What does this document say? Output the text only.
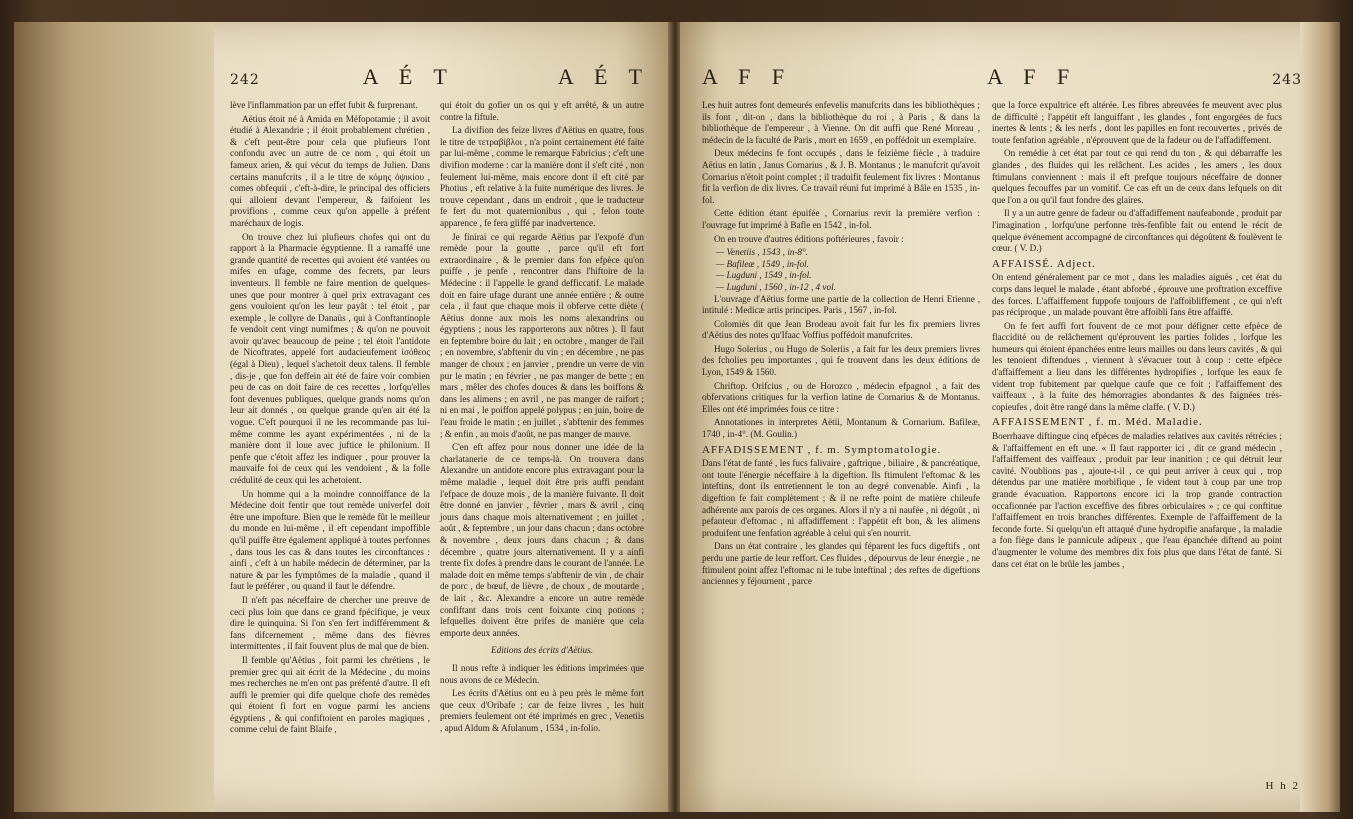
242	A É T	A É T

lève l'inflammation par un effet fubit & furprenant.

Aëtius étoit né à Amida en Méfopotamie ; il avoit étudié à Alexandrie ; il étoit probablement chrétien , & c'eft peut-être pour cela que plufieurs l'ont confondu avec un autre de ce nom , qui étoit un fameux arien, & qui vécut du temps de Julien. Dans certains manufcrits , il a le titre de κόμης ὀψικίου , comes obfequii , c'eft-à-dire, le principal des officiers qui alloient devant l'empereur, & faifoient les provifions , comme ceux qu'on appelle à préfent maréchaux de logis.

On trouve chez lui plufieurs chofes qui ont du rapport à la Pharmacie égyptienne. Il a ramaffé une grande quantité de recettes qui avoient été vantées ou mifes en ufage, comme des fecrets, par leurs inventeurs. Il femble ne faire mention de quelques-unes que pour montrer à quel prix extravagant ces gens vouloient qu'on les leur payât : tel étoit , par exemple , le collyre de Danaüs , qui à Conftantinople fe vendoit cent vingt numifmes ; & qu'on ne pouvoit avoir qu'avec beaucoup de peine ; tel étoit l'antidote de Nicoftrates, appelé fort audacieufement ἰσόθεος (égal à Dieu) , lequel s'achetoit deux talens. Il femble , dis-je , que fon deffein ait été de faire voir combien peu de cas on doit faire de ces recettes , lorfqu'elles font devenues publiques, quelque grands noms qu'on leur ait donnés , ou quelque grande qu'en ait été la vogue. C'eft pourquoi il ne les recommande pas lui-même comme les ayant expérimentées , ni de la manière dont il loue avec juftice le philonium. Il penfe que c'étoit affez les indiquer , pour prouver la mauvaife foi de ceux qui les vendoient , & la folle crédulité de ceux qui les achetoient.

Un homme qui a la moindre connoiffance de la Médecine doit fentir que tout remède univerfel doit être une impofture. Bien que le remède fût le meilleur du monde en lui-même , il eft cependant impoffible qu'il puiffe être également appliqué à toutes perfonnes , dans tous les cas & dans toutes les circonftances : ainfi , c'eft à un habile médecin de déterminer, par la nature & par les fymptômes de la maladie , quand il faut le préférer , ou quand il faut le défendre.

Il n'eft pas néceffaire de chercher une preuve de ceci plus loin que dans ce grand fpécifique, je veux dire le quinquina. Si l'on s'en fert indifféremment & fans difcernement , même dans des fièvres intermittentes , il fait fouvent plus de mal que de bien.

Il femble qu'Aëtius , foit parmi les chrétiens , le premier grec qui ait écrit de la Médecine , du moins mes recherches ne m'en ont pas préfenté d'autre. Il eft auffi le premier qui dife quelque chofe des remèdes qui étoient fi fort en vogue parmi les anciens égyptiens , & qui confiftoient en paroles magiques , comme celui de faint Blaife ,

qui étoit du gofier un os qui y eft arrêté, & un autre contre la fiftule.

La divifion des feize livres d'Aëtius en quatre, fous le titre de τετραβίβλοι , n'a point certainement été faite par lui-même , comme le remarque Fabricius ; c'eft une divifion moderne : car la manière dont il s'eft cité , non feulement lui-même, mais encore dont il eft cité par Photius , eft relative à la fuite numérique des livres. Je trouve cependant , dans un endroit , que le traducteur fe fert du mot quaternionibus , qui , felon toute apparence , fe fera gliffé par inadvertence.

Je finirai ce qui regarde Aëtius par l'expofé d'un remède pour la goutte , parce qu'il eft fort extraordinaire , & le premier dans fon efpèce qu'on puiffe , je penfe , rencontrer dans l'hiftoire de la Médecine : il l'appelle le grand defficcatif. Le malade doit en faire ufage durant une année entière ; & outre cela , il faut que chaque mois il obferve cette diète ( Aëtius donne aux mois les noms alexandrins ou égyptiens ; nous les rapporterons aux nôtres ). Il faut en feptembre boire du lait ; en octobre , manger de l'ail ; en novembre, s'abftenir du vin ; en décembre , ne pas manger de choux ; en janvier , prendre un verre de vin pur le matin ; en février , ne pas manger de bette ; en mars , mêler des chofes douces & dans les boiffons & dans les alimens ; en avril , ne pas manger de raifort ; ni en mai , le poiffon appelé polypus ; en juin, boire de l'eau froide le matin ; en juillet , s'abftenir des femmes ; & enfin , au mois d'août, ne pas manger de mauve.

C'en eft affez pour nous donner une idée de la charlatanerie de ce temps-là. On trouvera dans Alexandre un antidote encore plus extravagant pour la même maladie , lequel doit être pris auffi pendant l'efpace de douze mois , de la manière fuivante. Il doit être donné en janvier , février , mars & avril , cinq jours dans chaque mois alternativement ; en juillet , août , & feptembre , un jour dans chacun ; dans octobre & novembre , deux jours dans chacun ; & dans décembre , quatre jours alternativement. Il y a ainfi trente fix dofes à prendre dans le courant de l'année. Le malade doit en même temps s'abftenir de vin , de chair de porc , de bœuf, de lièvre , de choux , de moutarde , de lait , &c. Alexandre a encore un autre remède confiftant dans trois cent foixante cinq potions ; lefquelles doivent être prifes de manière que cela emporte deux années.

Editions des écrits d'Aëtius.

Il nous refte à indiquer les éditions imprimées que nous avons de ce Médecin.

Les écrits d'Aëtius ont eu à peu près le même fort que ceux d'Oribafe ; car de feize livres , les huit premiers feulement ont été imprimés en grec , Venetiis , apud Aldum & Afulanum , 1534 , in-folio.

A F F	A F F	243

Les huit autres font demeurés enfevelis manufcrits dans les bibliothèques ; ils font , dit-on , dans la bibliothèque du roi , à Paris , & dans la bibliothèque de l'empereur , à Vienne. On dit auffi que René Moreau , médecin de la faculté de Paris , mort en 1659 , en poffédoit un exemplaire.

Deux médecins fe font occupés , dans le feizième fiècle , à traduire Aëtius en latin , Janus Cornarius , & J. B. Montanus ; le manufcrit qu'avoit Cornarius n'étoit point complet ; il traduifit feulement fix livres : Montanus fit la verfion de dix livres. Ce travail réuni fut imprimé à Bâle en 1535 , in-fol.

Cette édition étant épuifée , Cornarius revit la première verfion : l'ouvrage fut imprimé à Bafle en 1542 , in-fol.

On en trouve d'autres éditions poftérieures , favoir :

— Venetiis , 1543 , in-8°.

— Bafileæ , 1549 , in-fol.

— Lugduni , 1549 , in-fol.

— Lugduni , 1560 , in-12 , 4 vol.

L'ouvrage d'Aëtius forme une partie de la collection de Henri Etienne , intitulé : Medicæ artis principes. Paris , 1567 , in-fol.

Colomiès dit que Jean Brodeau avoit fait fur les fix premiers livres d'Aëtius des notes qu'Ifaac Voffius poffédoit manufcrites.

Hugo Solerius , ou Hugo de Soleriis , a fait fur les deux premiers livres des fcholies peu importantes , qui fe trouvent dans les deux éditions de Lyon, 1549 & 1560.

Chriftop. Orifcius , ou de Horozco , médecin efpagnol , a fait des obfervations critiques fur la verfion latine de Cornarius & de Montanus. Elles ont été imprimées fous ce titre :

Annotationes in interpretes Aëtii, Montanum & Cornarium. Bafileæ, 1740 , in-4°. (M. Goulin.)

AFFADISSEMENT , f. m. Symptomatologie.

Dans l'état de fanté , les fucs falivaire , gaftrique , biliaire , & pancréatique, ont toute l'énergie néceffaire à la digeftion. Ils ftimulent l'eftomac & les inteftins, dont ils entretiennent le ton au degré convenable. Ainfi , la digeftion fe fait complètement ; & il ne refte point de matière chileufe adhérente aux parois de ces organes. Alors il n'y a ni naufée , ni dégoût , ni pefanteur d'eftomac , ni affadiffement : l'appétit eft bon, & les alimens produifent une fenfation agréable à celui qui s'en nourrit.

Dans un état contraire , les glandes qui féparent les fucs digeftifs , ont perdu une partie de leur reffort. Ces fluides , dépourvus de leur énergie , ne ftimulent point affez l'eftomac ni le tube inteftinal ; des reftes de digeftions anciennes y féjournent , parce

que la force expultrice eft altérée. Les fibres abreuvées fe meuvent avec plus de difficulté ; l'appétit eft languiffant , les glandes , font engorgées de fucs inertes & lents ; & les nerfs , dont les papilles en font recouvertes , privés de toute fenfation agréable , n'éprouvent que de la fadeur ou de l'affadiffement.

On remédie à cet état par tout ce qui rend du ton , & qui débarraffe les glandes , des fluides qui les relâchent. Les acides , les amers , les doux ftimulans conviennent : mais il eft prefque toujours néceffaire de donner quelques fecouffes par un vomitif. Ce cas eft un de ceux dans lefquels on dit que l'on a ou qu'il faut fondre des glaires.

Il y a un autre genre de fadeur ou d'affadiffement naufeabonde , produit par l'imagination , lorfqu'une perfonne très-fenfible fait ou entend le récit de quelque événement accompagné de circonftances qui dégoûtent & foulèvent le cœur. ( V. D.)

AFFAISSÉ. Adject.

On entend généralement par ce mot , dans les maladies aiguës , cet état du corps dans lequel le malade , étant abforbé , éprouve une proftration exceffive des forces. L'affaiffement fuppofe toujours de l'affoibliffement , ce qui n'eft pas réciproque , un malade pouvant être affoibli fans être affaiffé.

On fe fert auffi fort fouvent de ce mot pour défigner cette efpèce de flaccidité ou de relâchement qu'éprouvent les parties folides , lorfque les humeurs qui étoient épanchées entre leurs mailles ou dans leurs cavités , & qui les tenoient diftendues , viennent à s'évacuer tout à coup : cette efpèce d'affaiffement a lieu dans les différentes hydropifies , lorfque les eaux fe vident trop fubitement par quelque caufe que ce foit ; l'affaiffement des vaiffeaux , à la fuite des hémorragies abondantes & des faignées très-copieufes , doit être rangé dans la même claffe. ( V. D.)

AFFAISSEMENT , f. m. Méd. Maladie.

Boerrhaave diftingue cinq efpèces de maladies relatives aux cavités rétrécies ; & l'affaiffement en eft une. « Il faut rapporter ici , dit ce grand médecin , l'affaiffement des vaiffeaux , produit par leur inanition ; ce qui détruit leur cavité. N'oublions pas , ajoute-t-il , ce qui peut arriver à ceux qui , trop détendus par une matière morbifique , fe vident tout à coup par une trop grande évacuation. Rapportons encore ici la trop grande contraction occafionnée par l'action exceffive des fibres orbiculaires » ; ce qui conftitue l'affaiffement en trois branches différentes. Exemple de l'affaiffement de la feconde forte. Si quelqu'un eft attaqué d'une hydropifie anafarque , la maladie a fon fiège dans le pannicule adipeux , que l'eau épanchée diftend au point d'augmenter le volume des membres dix fois plus que dans l'état de fanté. Si dans cet état on le brûle les jambes ,

H h 2
